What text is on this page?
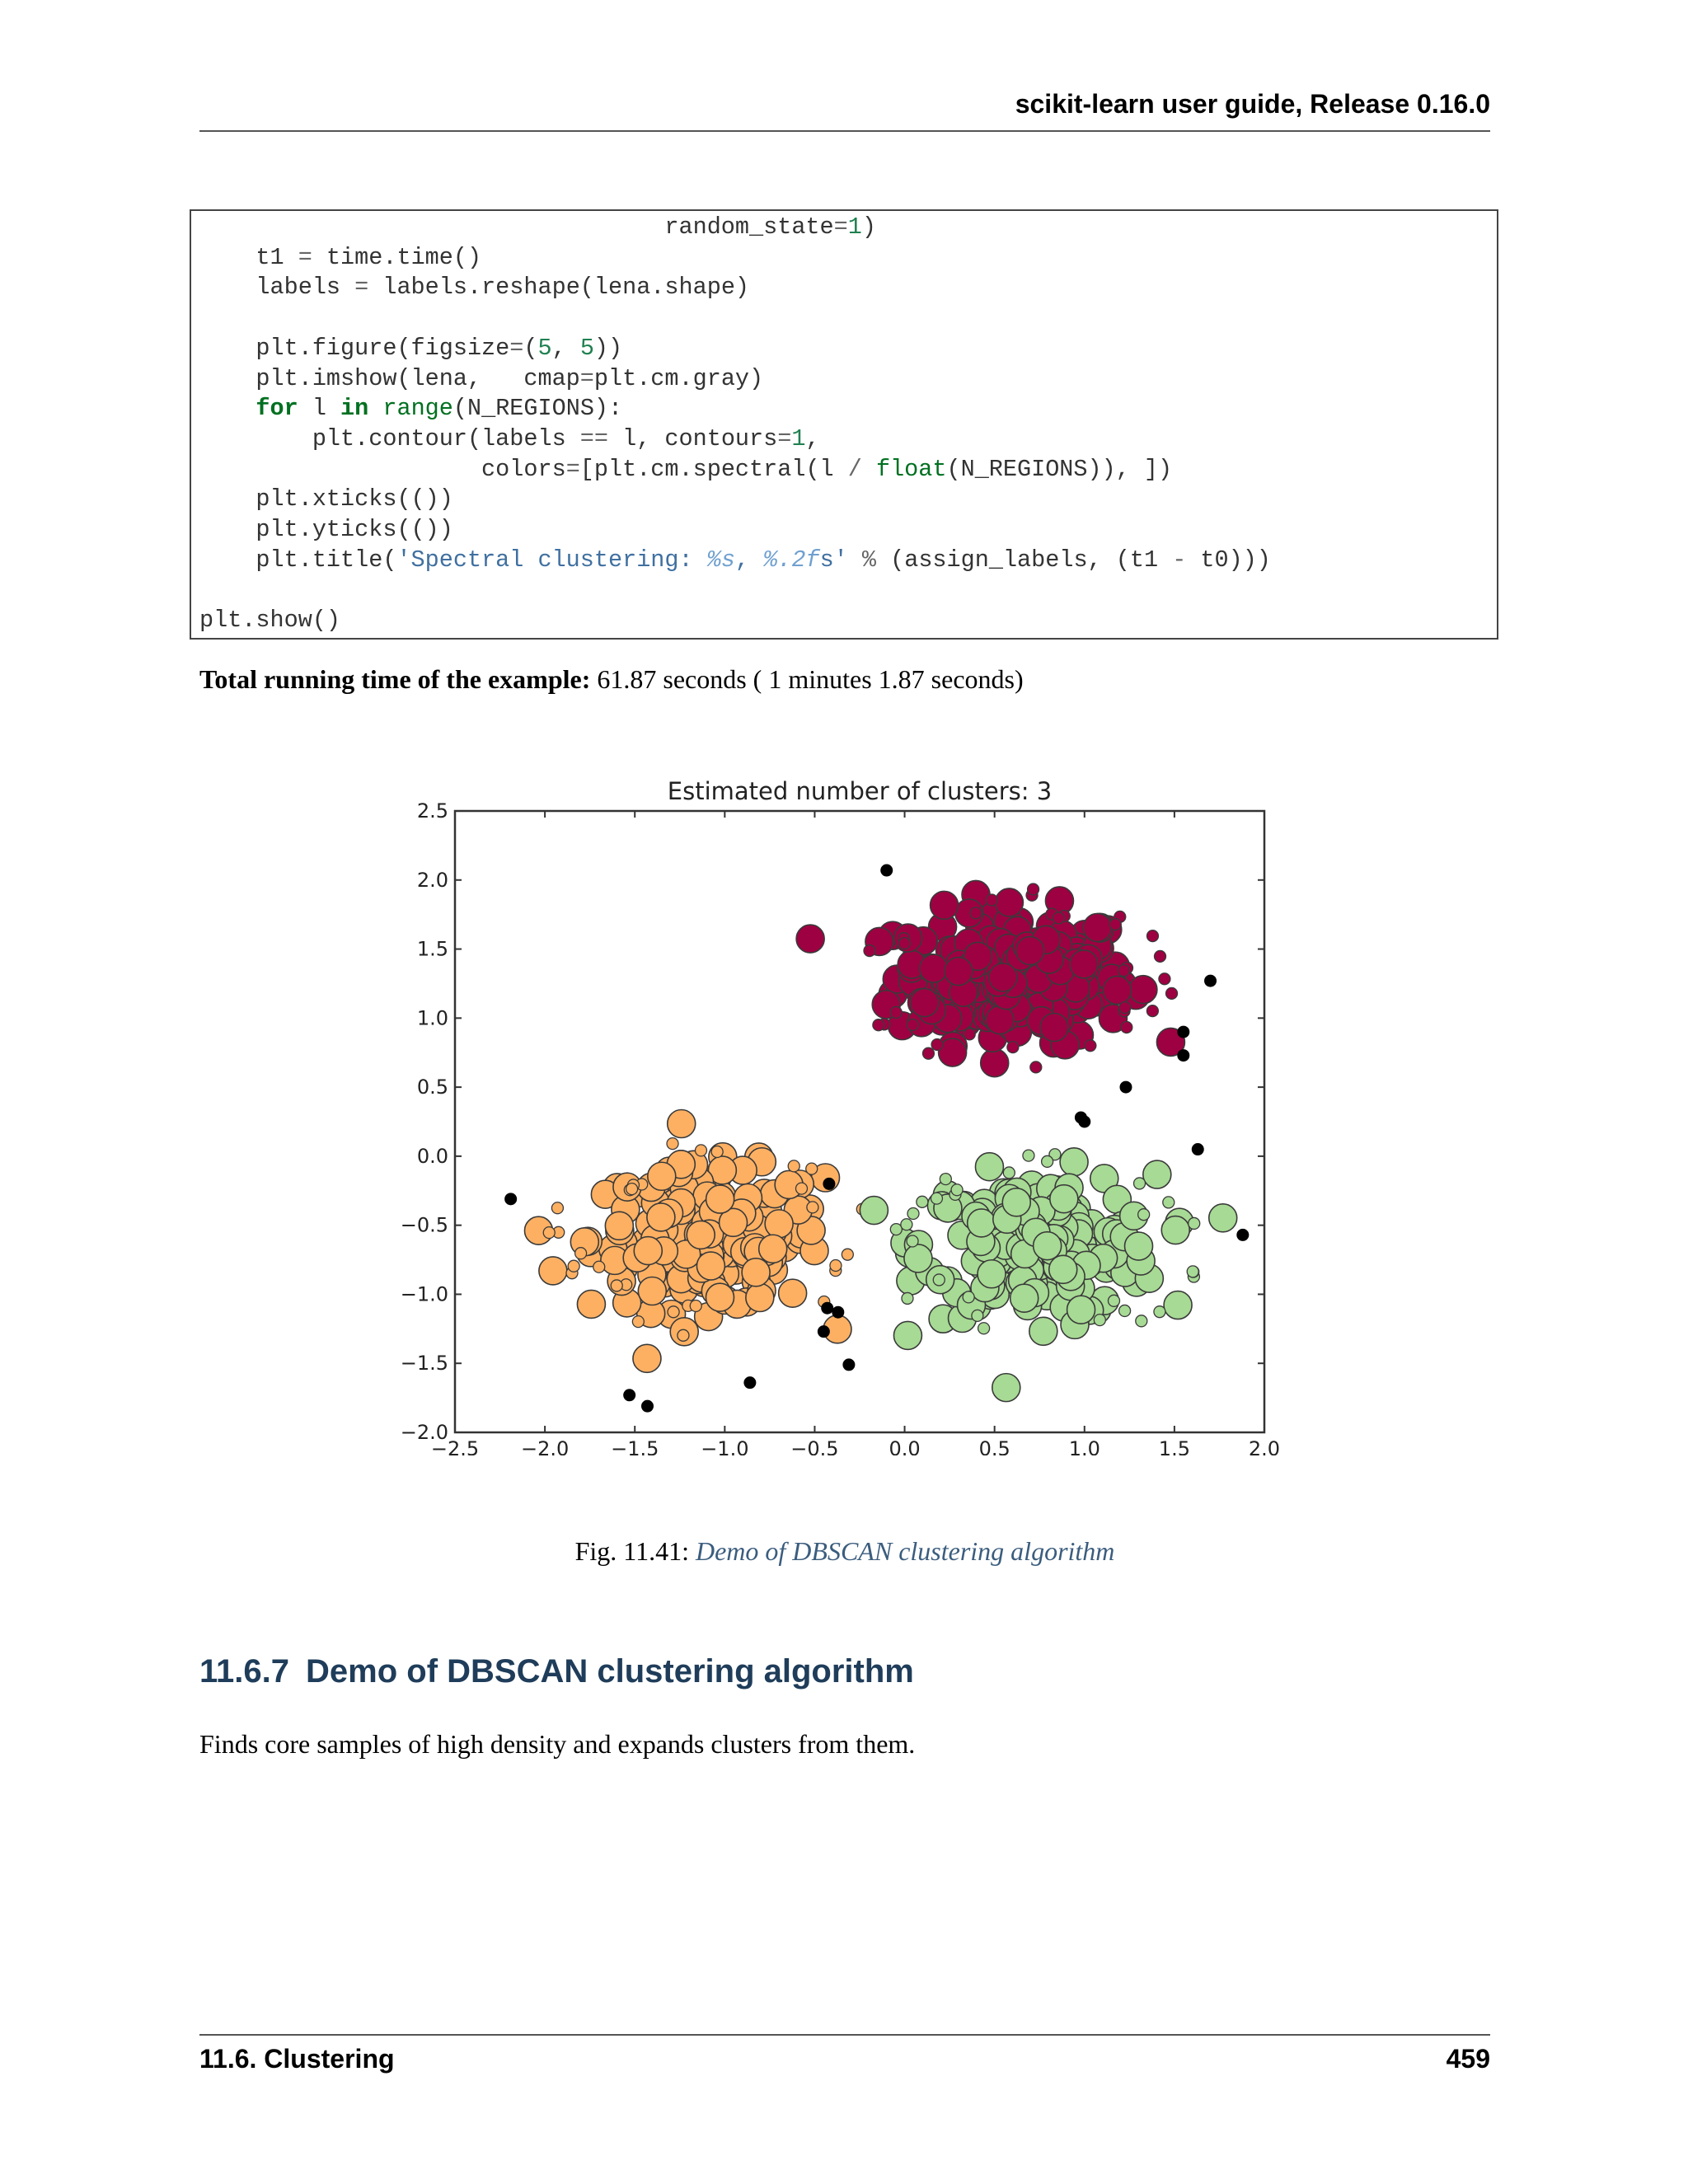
scikit-learn user guide, Release 0.16.0
random_state=1)
t1 = time.time()
labels = labels.reshape(lena.shape)

plt.figure(figsize=(5, 5))
plt.imshow(lena,   cmap=plt.cm.gray)
for l in range(N_REGIONS):
plt.contour(labels == l, contours=1,
colors=[plt.cm.spectral(l / float(N_REGIONS)), ])
plt.xticks(())
plt.yticks(())
plt.title('Spectral clustering: %s, %.2fs' % (assign_labels, (t1 - t0)))

plt.show()

Total running time of the example: 61.87 seconds ( 1 minutes 1.87 seconds)
−2.5 −2.0 −1.5 −1.0 −0.5	0.0	0.5	1.0	1.5	2.0
2.5
2.0
1.5
1.0
0.5
0.0
−0.5
−1.0
−1.5
−2.0
Estimated number of clusters: 3
Fig. 11.41: Demo of DBSCAN clustering algorithm
11.6.7 Demo of DBSCAN clustering algorithm
Finds core samples of high density and expands clusters from them.
11.6. Clustering	459
